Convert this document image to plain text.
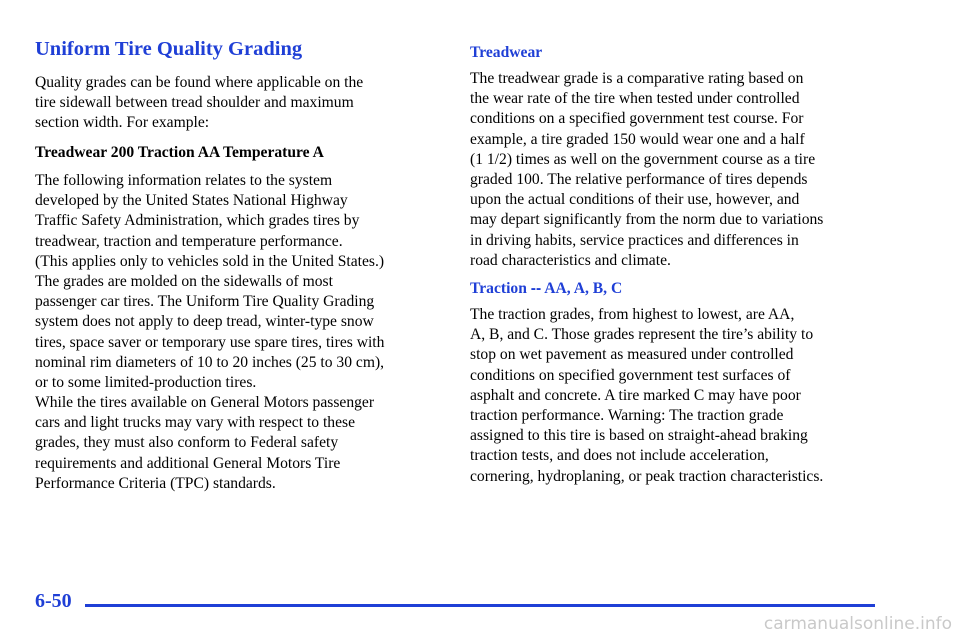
Uniform Tire Quality Grading

Quality grades can be found where applicable on the
tire sidewall between tread shoulder and maximum
section width. For example:

Treadwear 200 Traction AA Temperature A

The following information relates to the system
developed by the United States National Highway
Traffic Safety Administration, which grades tires by
treadwear, traction and temperature performance.
(This applies only to vehicles sold in the United States.)
The grades are molded on the sidewalls of most
passenger car tires. The Uniform Tire Quality Grading
system does not apply to deep tread, winter-type snow
tires, space saver or temporary use spare tires, tires with
nominal rim diameters of 10 to 20 inches (25 to 30 cm),
or to some limited-production tires.

While the tires available on General Motors passenger
cars and light trucks may vary with respect to these
grades, they must also conform to Federal safety
requirements and additional General Motors Tire
Performance Criteria (TPC) standards.

Treadwear

The treadwear grade is a comparative rating based on
the wear rate of the tire when tested under controlled
conditions on a specified government test course. For
example, a tire graded 150 would wear one and a half
(1 1/2) times as well on the government course as a tire
graded 100. The relative performance of tires depends
upon the actual conditions of their use, however, and
may depart significantly from the norm due to variations
in driving habits, service practices and differences in
road characteristics and climate.

Traction -- AA, A, B, C

The traction grades, from highest to lowest, are AA,
A, B, and C. Those grades represent the tire’s ability to
stop on wet pavement as measured under controlled
conditions on specified government test surfaces of
asphalt and concrete. A tire marked C may have poor
traction performance. Warning: The traction grade
assigned to this tire is based on straight-ahead braking
traction tests, and does not include acceleration,
cornering, hydroplaning, or peak traction characteristics.

6-50
carmanualsonline.info
